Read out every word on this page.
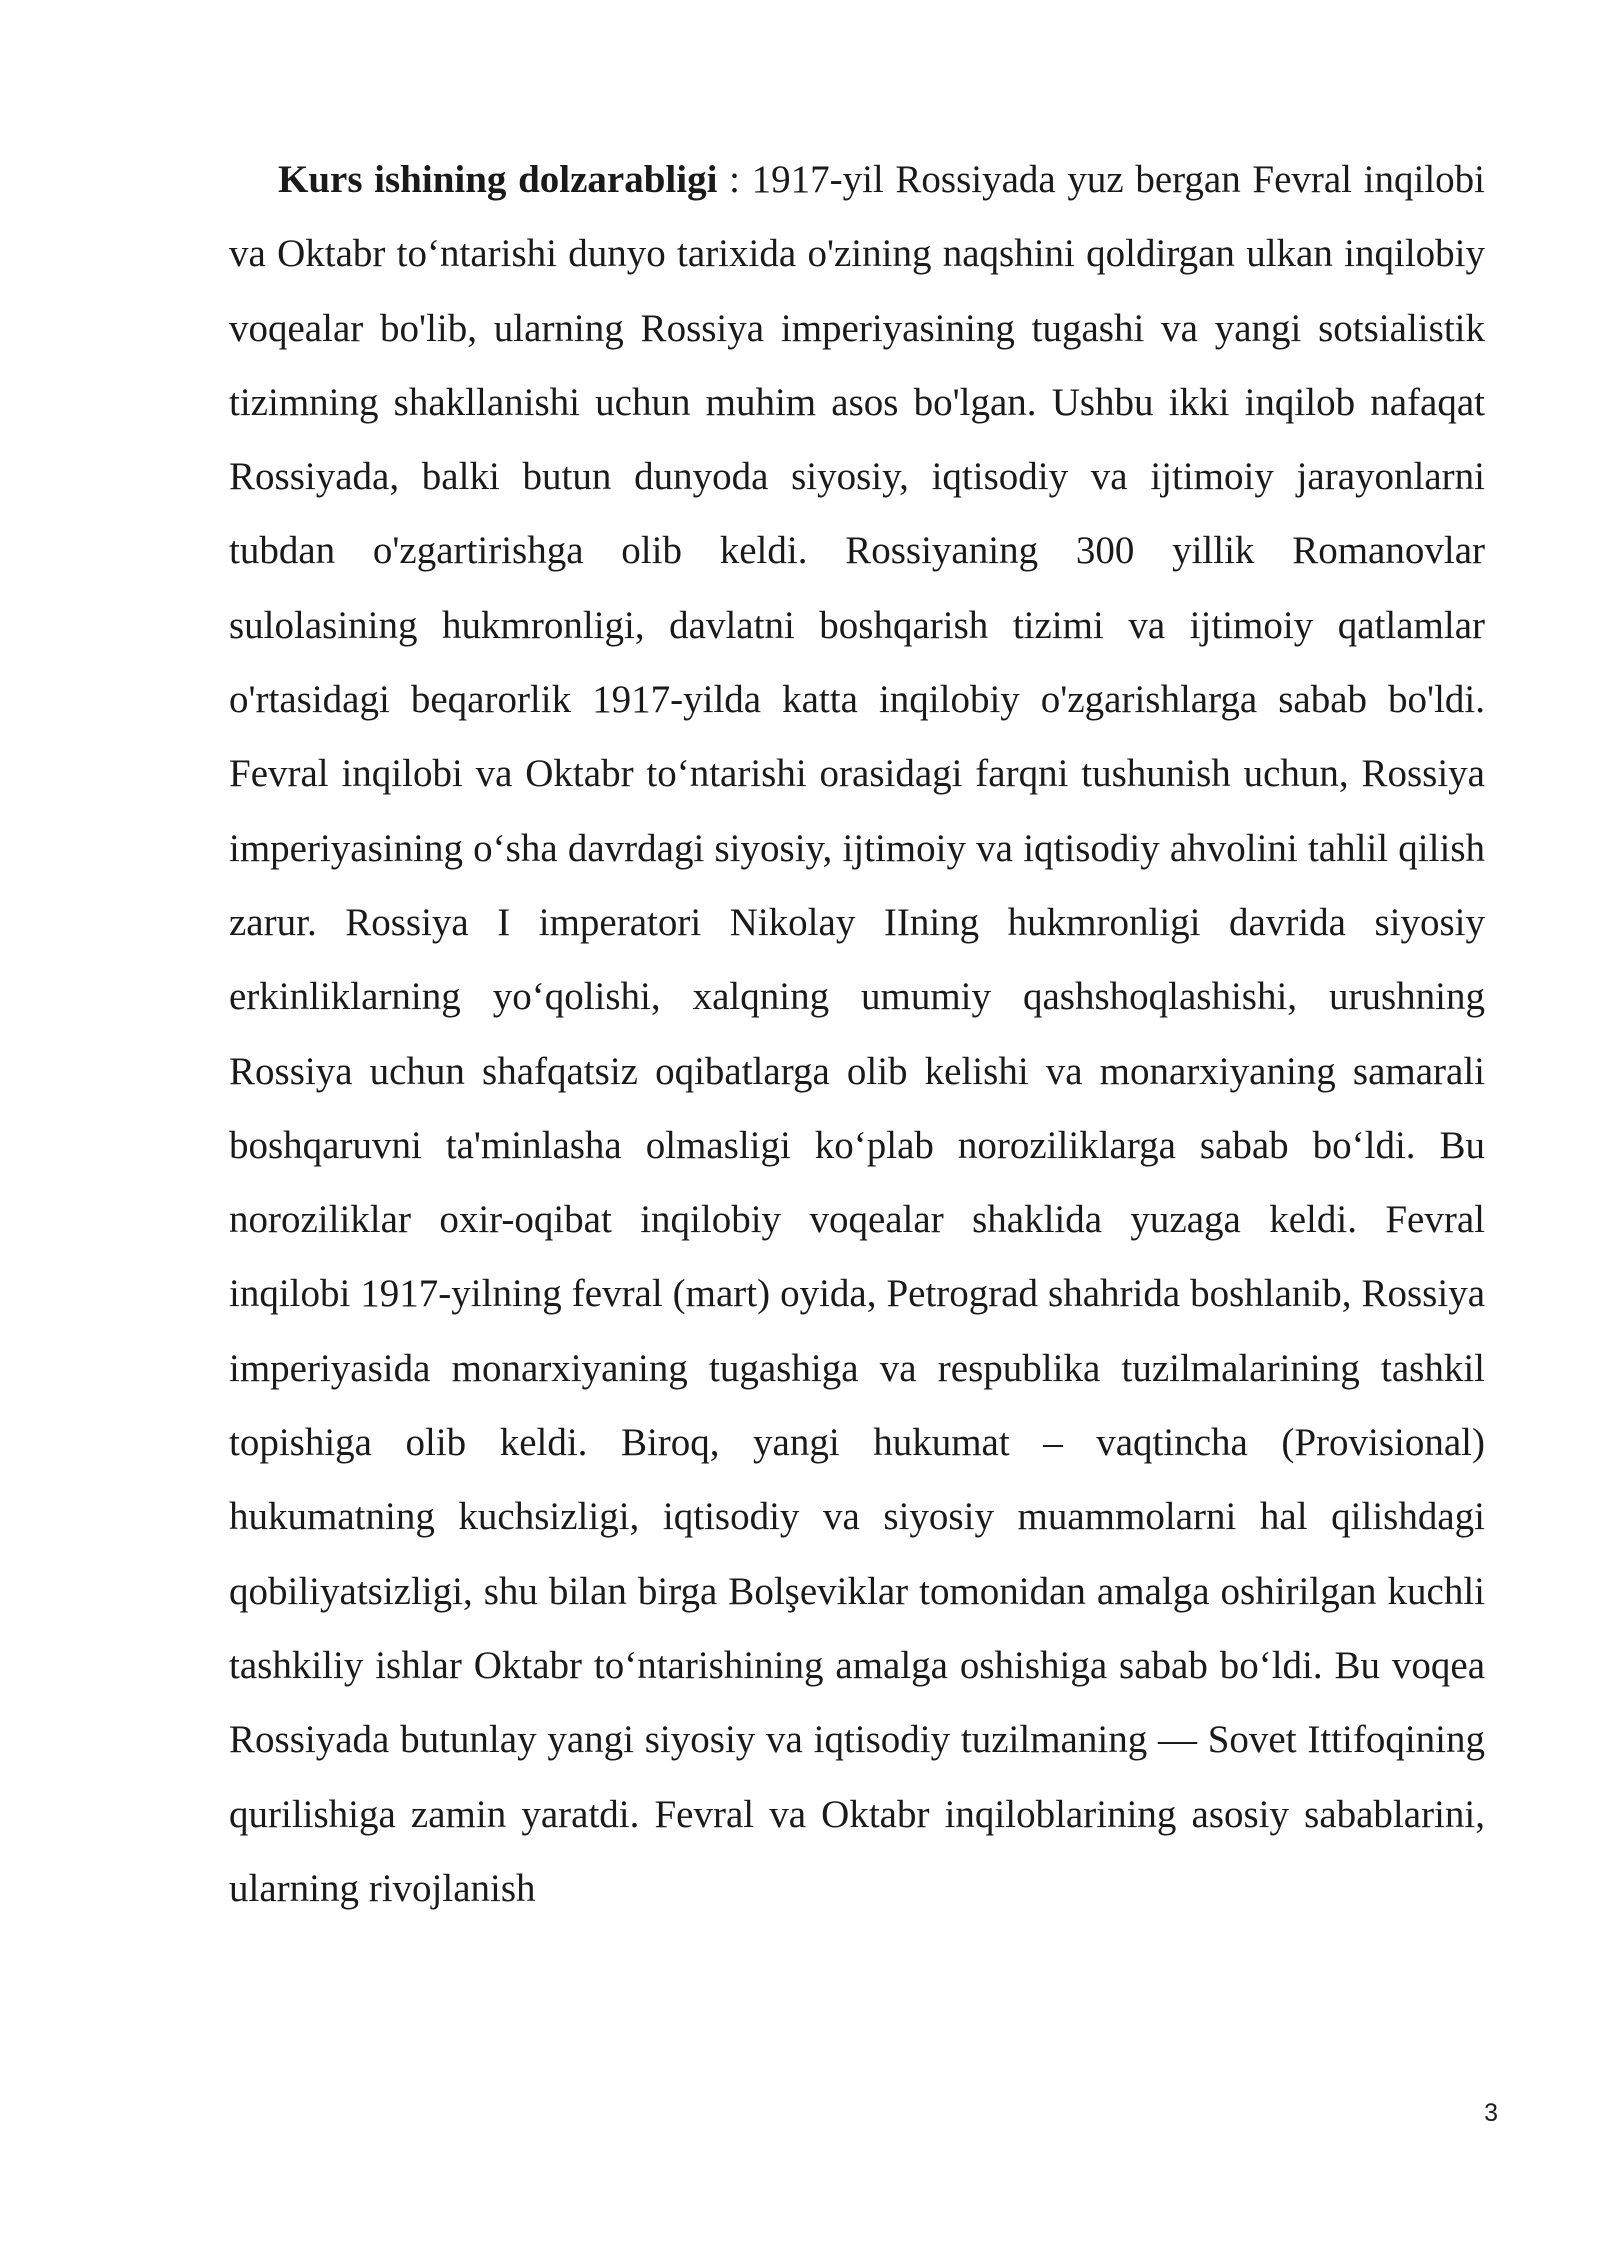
Kurs ishining dolzarabligi : 1917-yil Rossiyada yuz bergan Fevral inqilobi va Oktabr to‘ntarishi dunyo tarixida o'zining naqshini qoldirgan ulkan inqilobiy voqealar bo'lib, ularning Rossiya imperiyasining tugashi va yangi sotsialistik tizimning shakllanishi uchun muhim asos bo'lgan. Ushbu ikki inqilob nafaqat Rossiyada, balki butun dunyoda siyosiy, iqtisodiy va ijtimoiy jarayonlarni tubdan o'zgartirishga olib keldi. Rossiyaning 300 yillik Romanovlar sulolasining hukmronligi, davlatni boshqarish tizimi va ijtimoiy qatlamlar o'rtasidagi beqarorlik 1917-yilda katta inqilobiy o'zgarishlarga sabab bo'ldi. Fevral inqilobi va Oktabr to‘ntarishi orasidagi farqni tushunish uchun, Rossiya imperiyasining o‘sha davrdagi siyosiy, ijtimoiy va iqtisodiy ahvolini tahlil qilish zarur. Rossiya I imperatori Nikolay IIning hukmronligi davrida siyosiy erkinliklarning yo‘qolishi, xalqning umumiy qashshoqlashishi, urushning Rossiya uchun shafqatsiz oqibatlarga olib kelishi va monarxiyaning samarali boshqaruvni ta'minlasha olmasligi ko‘plab noroziliklarga sabab bo‘ldi. Bu noroziliklar oxir-oqibat inqilobiy voqealar shaklida yuzaga keldi. Fevral inqilobi 1917-yilning fevral (mart) oyida, Petrograd shahrida boshlanib, Rossiya imperiyasida monarxiyaning tugashiga va respublika tuzilmalarining tashkil topishiga olib keldi. Biroq, yangi hukumat – vaqtincha (Provisional) hukumatning kuchsizligi, iqtisodiy va siyosiy muammolarni hal qilishdagi qobiliyatsizligi, shu bilan birga Bolşeviklar tomonidan amalga oshirilgan kuchli tashkiliy ishlar Oktabr to‘ntarishining amalga oshishiga sabab bo‘ldi. Bu voqea Rossiyada butunlay yangi siyosiy va iqtisodiy tuzilmaning — Sovet Ittifoqining qurilishiga zamin yaratdi. Fevral va Oktabr inqiloblarining asosiy sabablarini, ularning rivojlanish

3
